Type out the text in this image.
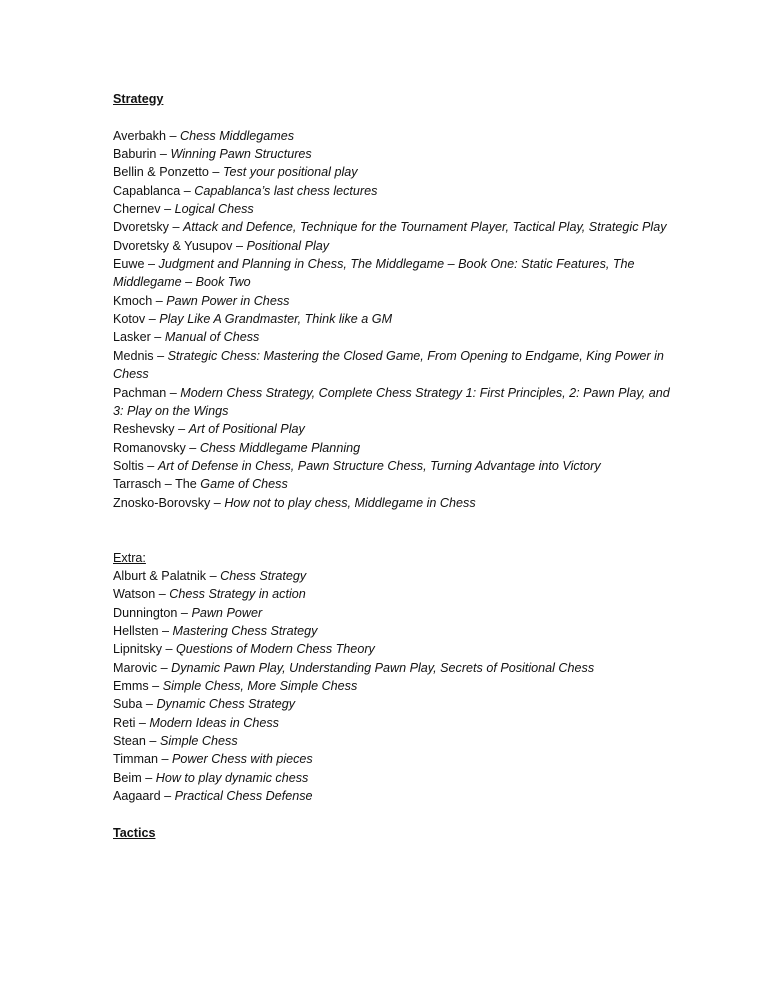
Strategy
Averbakh – Chess Middlegames
Baburin – Winning Pawn Structures
Bellin & Ponzetto – Test your positional play
Capablanca – Capablanca’s last chess lectures
Chernev – Logical Chess
Dvoretsky – Attack and Defence, Technique for the Tournament Player, Tactical Play, Strategic Play
Dvoretsky & Yusupov – Positional Play
Euwe – Judgment and Planning in Chess, The Middlegame – Book One: Static Features, The Middlegame – Book Two
Kmoch – Pawn Power in Chess
Kotov – Play Like A Grandmaster, Think like a GM
Lasker – Manual of Chess
Mednis – Strategic Chess: Mastering the Closed Game, From Opening to Endgame, King Power in Chess
Pachman – Modern Chess Strategy, Complete Chess Strategy 1: First Principles, 2: Pawn Play, and 3: Play on the Wings
Reshevsky – Art of Positional Play
Romanovsky – Chess Middlegame Planning
Soltis – Art of Defense in Chess, Pawn Structure Chess, Turning Advantage into Victory
Tarrasch – The Game of Chess
Znosko-Borovsky – How not to play chess, Middlegame in Chess
Extra:
Alburt & Palatnik – Chess Strategy
Watson – Chess Strategy in action
Dunnington – Pawn Power
Hellsten – Mastering Chess Strategy
Lipnitsky – Questions of Modern Chess Theory
Marovic – Dynamic Pawn Play, Understanding Pawn Play, Secrets of Positional Chess
Emms – Simple Chess, More Simple Chess
Suba – Dynamic Chess Strategy
Reti – Modern Ideas in Chess
Stean – Simple Chess
Timman – Power Chess with pieces
Beim – How to play dynamic chess
Aagaard – Practical Chess Defense
Tactics
